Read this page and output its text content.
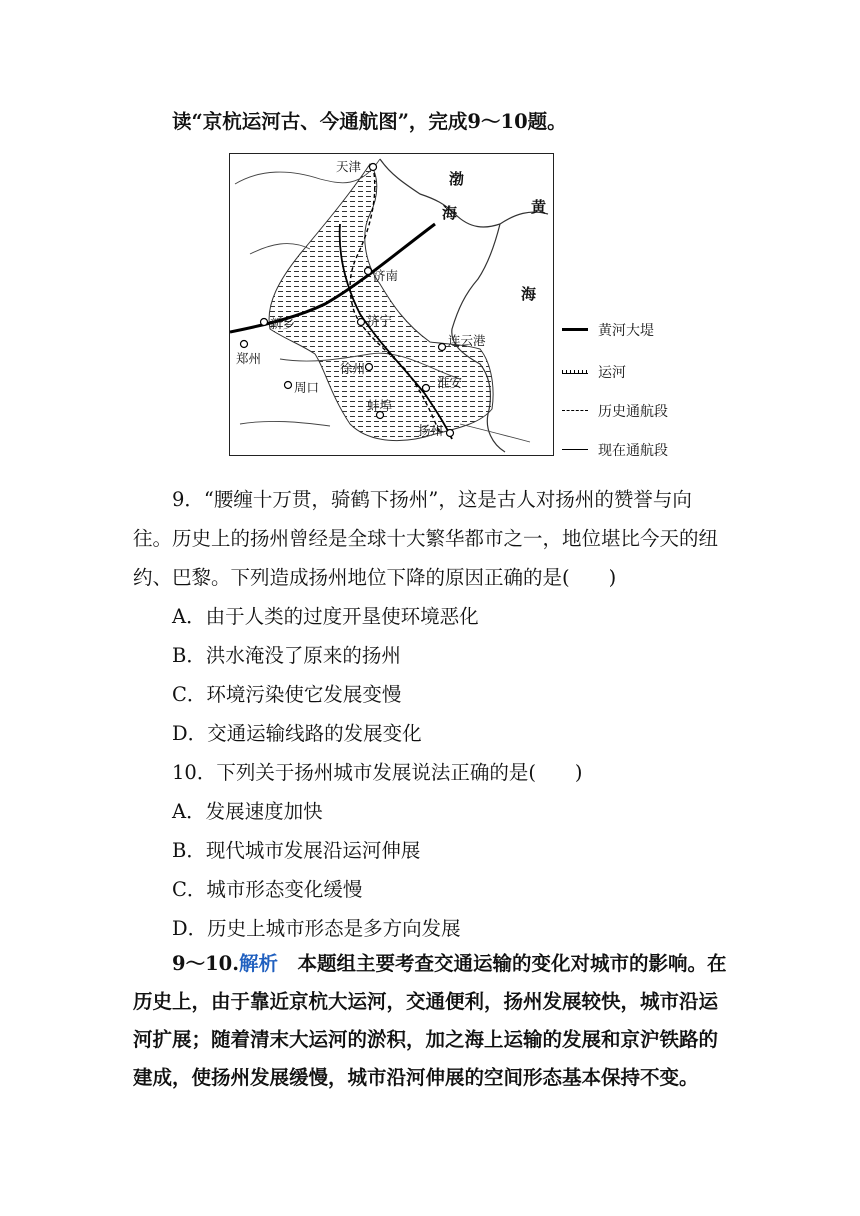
读“京杭运河古、今通航图”，完成9～10题。
天津
济南
济宁
新乡
郑州
徐州
连云港
淮安
周口
蚌埠
扬州
渤
海	黄
海
黄河大堤
运河
历史通航段
现在通航段
9．“腰缠十万贯，骑鹤下扬州”，这是古人对扬州的赞誉与向
往。历史上的扬州曾经是全球十大繁华都市之一，地位堪比今天的纽
约、巴黎。下列造成扬州地位下降的原因正确的是(　　)
A．由于人类的过度开垦使环境恶化
B．洪水淹没了原来的扬州
C．环境污染使它发展变慢
D．交通运输线路的发展变化
10．下列关于扬州城市发展说法正确的是(　　)
A．发展速度加快
B．现代城市发展沿运河伸展
C．城市形态变化缓慢
D．历史上城市形态是多方向发展
9～10.解析　本题组主要考查交通运输的变化对城市的影响。在历史上，由于靠近京杭大运河，交通便利，扬州发展较快，城市沿运河扩展；随着清末大运河的淤积，加之海上运输的发展和京沪铁路的建成，使扬州发展缓慢，城市沿河伸展的空间形态基本保持不变。
